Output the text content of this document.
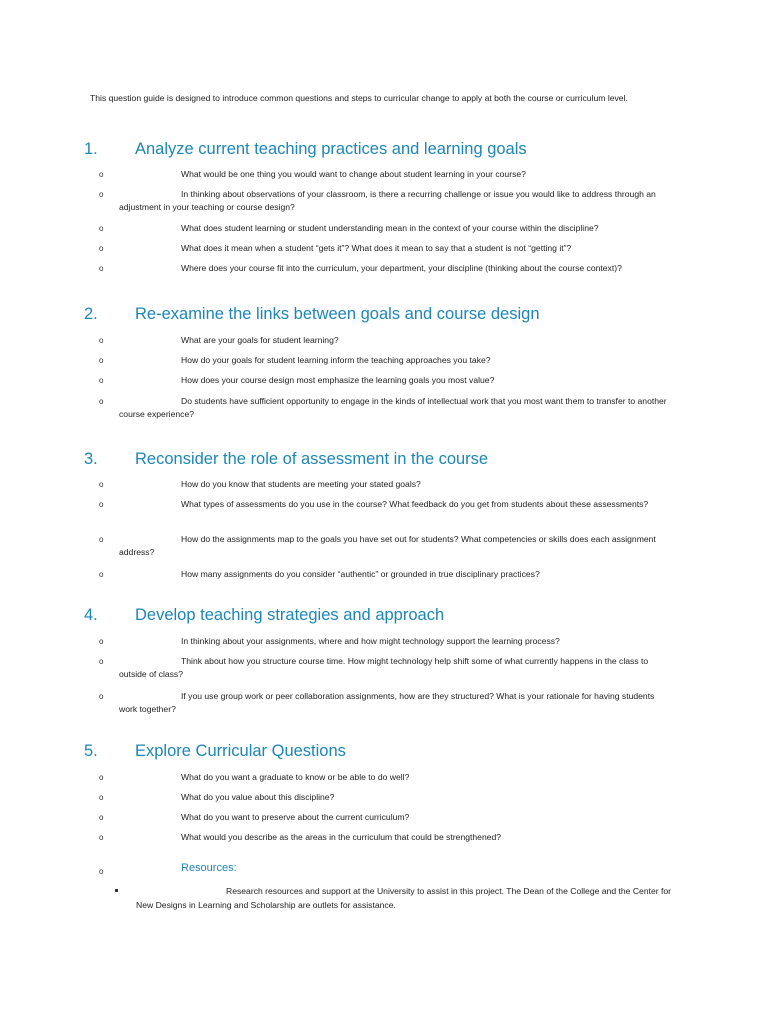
This question guide is designed to introduce common questions and steps to curricular change to apply at both the course or curriculum level.
1. Analyze current teaching practices and learning goals
o	What would be one thing you would want to change about student learning in your course?
o	In thinking about observations of your classroom, is there a recurring challenge or issue you would like to address through an adjustment in your teaching or course design?
o	What does student learning or student understanding mean in the context of your course within the discipline?
o	What does it mean when a student “gets it”? What does it mean to say that a student is not “getting it”?
o	Where does your course fit into the curriculum, your department, your discipline (thinking about the course context)?
2. Re-examine the links between goals and course design
o	What are your goals for student learning?
o	How do your goals for student learning inform the teaching approaches you take?
o	How does your course design most emphasize the learning goals you most value?
o	Do students have sufficient opportunity to engage in the kinds of intellectual work that you most want them to transfer to another course experience?
3. Reconsider the role of assessment in the course
o	How do you know that students are meeting your stated goals?
o	What types of assessments do you use in the course? What feedback do you get from students about these assessments?
o	How do the assignments map to the goals you have set out for students? What competencies or skills does each assignment address?
o	How many assignments do you consider “authentic” or grounded in true disciplinary practices?
4. Develop teaching strategies and approach
o	In thinking about your assignments, where and how might technology support the learning process?
o	Think about how you structure course time. How might technology help shift some of what currently happens in the class to outside of class?
o	If you use group work or peer collaboration assignments, how are they structured? What is your rationale for having students work together?
5. Explore Curricular Questions
o	What do you want a graduate to know or be able to do well?
o	What do you value about this discipline?
o	What do you want to preserve about the current curriculum?
o	What would you describe as the areas in the curriculum that could be strengthened?
o	Resources:
Research resources and support at the University to assist in this project. The Dean of the College and the Center for New Designs in Learning and Scholarship are outlets for assistance.
